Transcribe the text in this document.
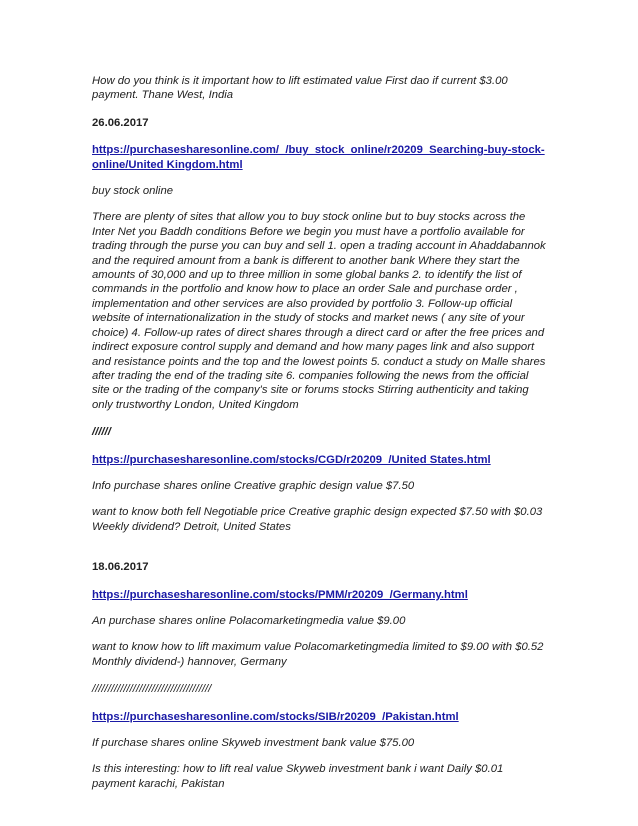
How do you think is it important how to lift estimated value First dao if current $3.00 payment. Thane West, India

26.06.2017

https://purchasesharesonline.com/_/buy_stock_online/r20209_Searching-buy-stock-online/United Kingdom.html

buy stock online

There are plenty of sites that allow you to buy stock online but to buy stocks across the Inter Net you Baddh conditions Before we begin you must have a portfolio available for trading through the purse you can buy and sell 1. open a trading account in Ahaddabannok and the required amount from a bank is different to another bank Where they start the amounts of 30,000 and up to three million in some global banks 2. to identify the list of commands in the portfolio and know how to place an order Sale and purchase order , implementation and other services are also provided by portfolio 3. Follow-up official website of internationalization in the study of stocks and market news ( any site of your choice) 4. Follow-up rates of direct shares through a direct card or after the free prices and indirect exposure control supply and demand and how many pages link and also support and resistance points and the top and the lowest points 5. conduct a study on Malle shares after trading the end of the trading site 6. companies following the news from the official site or the trading of the company's site or forums stocks Stirring authenticity and taking only trustworthy London, United Kingdom

//////

https://purchasesharesonline.com/stocks/CGD/r20209_/United States.html

Info purchase shares online Creative graphic design value $7.50

want to know both fell Negotiable price Creative graphic design expected $7.50 with $0.03 Weekly dividend? Detroit, United States

18.06.2017

https://purchasesharesonline.com/stocks/PMM/r20209_/Germany.html

An purchase shares online Polacomarketingmedia value $9.00

want to know how to lift maximum value Polacomarketingmedia limited to $9.00 with $0.52 Monthly dividend-) hannover, Germany

//////////////////////////////////////

https://purchasesharesonline.com/stocks/SIB/r20209_/Pakistan.html

If purchase shares online Skyweb investment bank value $75.00

Is this interesting: how to lift real value Skyweb investment bank i want Daily $0.01 payment karachi, Pakistan
